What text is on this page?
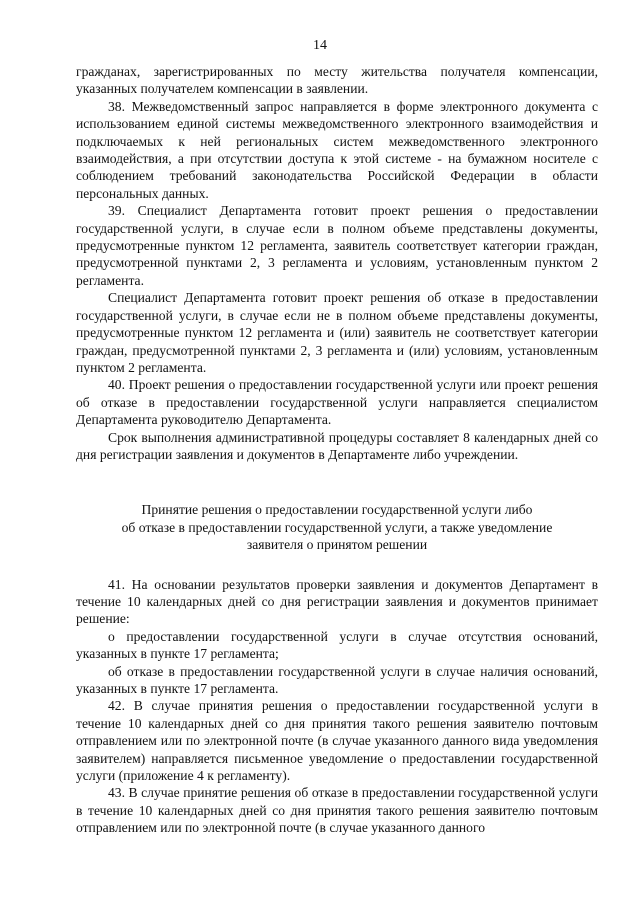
14

гражданах, зарегистрированных по месту жительства получателя компенсации, указанных получателем компенсации в заявлении.

38. Межведомственный запрос направляется в форме электронного документа с использованием единой системы межведомственного электронного взаимодействия и подключаемых к ней региональных систем межведомственного электронного взаимодействия, а при отсутствии доступа к этой системе - на бумажном носителе с соблюдением требований законодательства Российской Федерации в области персональных данных.

39. Специалист Департамента готовит проект решения о предоставлении государственной услуги, в случае если в полном объеме представлены документы, предусмотренные пунктом 12 регламента, заявитель соответствует категории граждан, предусмотренной пунктами 2, 3 регламента и условиям, установленным пунктом 2 регламента.

Специалист Департамента готовит проект решения об отказе в предоставлении государственной услуги, в случае если не в полном объеме представлены документы, предусмотренные пунктом 12 регламента и (или) заявитель не соответствует категории граждан, предусмотренной пунктами 2, 3 регламента и (или) условиям, установленным пунктом 2 регламента.

40. Проект решения о предоставлении государственной услуги или проект решения об отказе в предоставлении государственной услуги направляется специалистом Департамента руководителю Департамента.

Срок выполнения административной процедуры составляет 8 календарных дней со дня регистрации заявления и документов в Департаменте либо учреждении.

Принятие решения о предоставлении государственной услуги либо
об отказе в предоставлении государственной услуги, а также уведомление
заявителя о принятом решении

41. На основании результатов проверки заявления и документов Департамент в течение 10 календарных дней со дня регистрации заявления и документов принимает решение:

о предоставлении государственной услуги в случае отсутствия оснований, указанных в пункте 17 регламента;

об отказе в предоставлении государственной услуги в случае наличия оснований, указанных в пункте 17 регламента.

42. В случае принятия решения о предоставлении государственной услуги в течение 10 календарных дней со дня принятия такого решения заявителю почтовым отправлением или по электронной почте (в случае указанного данного вида уведомления заявителем) направляется письменное уведомление о предоставлении государственной услуги (приложение 4 к регламенту).

43. В случае принятие решения об отказе в предоставлении государственной услуги в течение 10 календарных дней со дня принятия такого решения заявителю почтовым отправлением или по электронной почте (в случае указанного данного
